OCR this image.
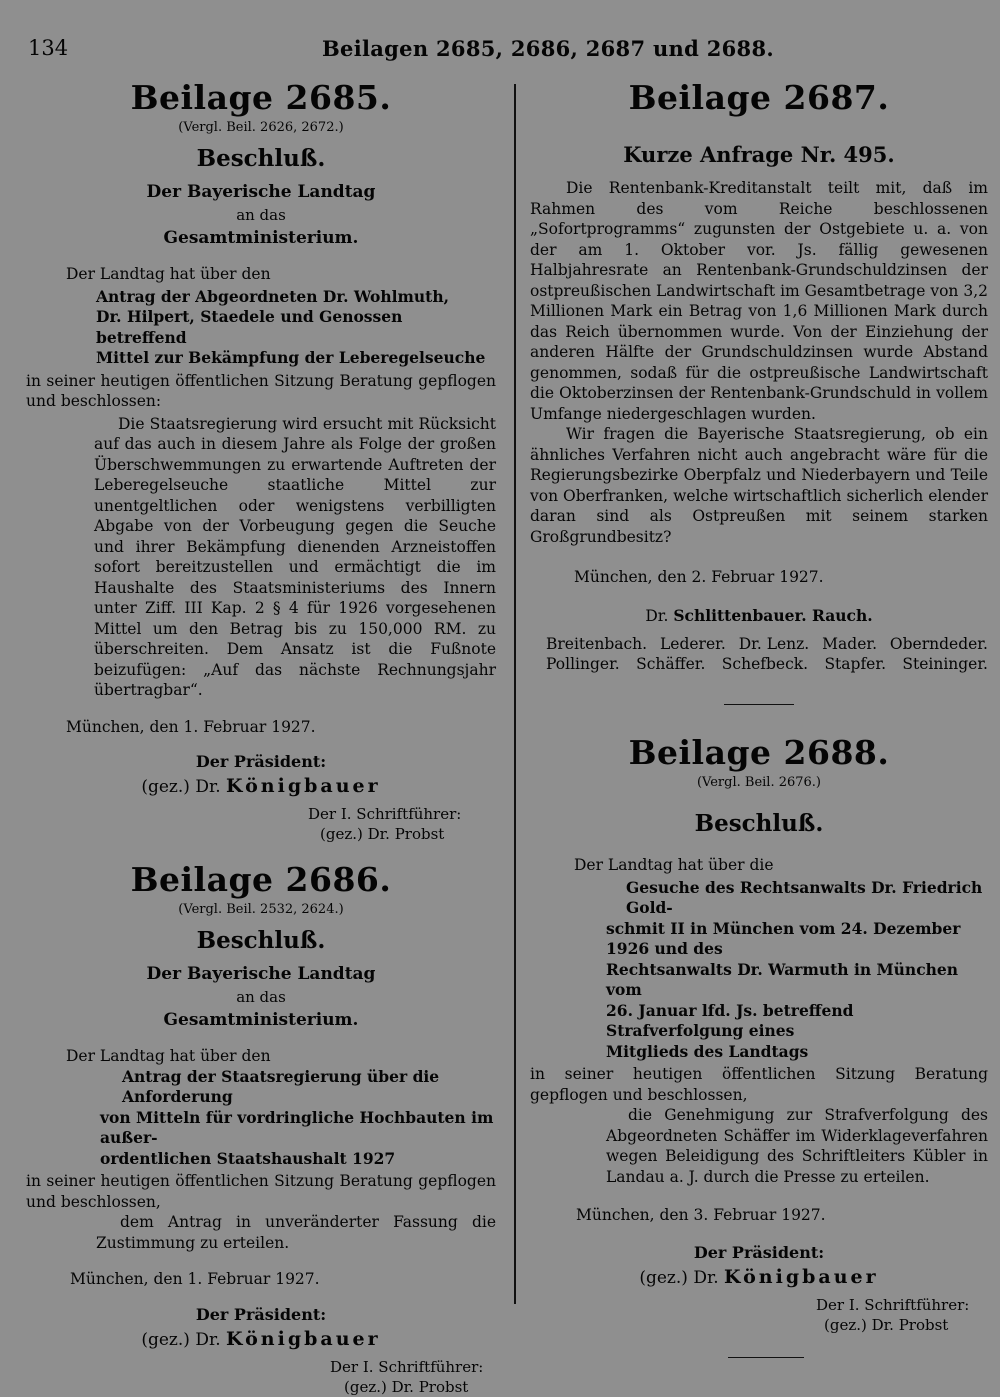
134	Beilagen 2685, 2686, 2687 und 2688.
Beilage 2685.

(Vergl. Beil. 2626, 2672.)

Beschluß.

Der Bayerische Landtag

an das

Gesamtministerium.

Der Landtag hat über den

Antrag der Abgeordneten Dr. Wohlmuth,

Dr. Hilpert, Staedele und Genossen betreffend

Mittel zur Bekämpfung der Leberegelseuche

in seiner heutigen öffentlichen Sitzung Beratung gepflogen und beschlossen:

Die Staatsregierung wird ersucht mit Rücksicht auf das auch in diesem Jahre als Folge der großen Überschwemmungen zu erwartende Auftreten der Leberegelseuche staatliche Mittel zur unentgeltlichen oder wenigstens verbilligten Abgabe von der Vorbeugung gegen die Seuche und ihrer Bekämpfung dienenden Arzneistoffen sofort bereitzustellen und ermächtigt die im Haushalte des Staatsministeriums des Innern unter Ziff. III Kap. 2 § 4 für 1926 vorgesehenen Mittel um den Betrag bis zu 150,000 RM. zu überschreiten. Dem Ansatz ist die Fußnote beizufügen: „Auf das nächste Rechnungsjahr übertragbar“.

München, den 1. Februar 1927.

Der Präsident:

(gez.) Dr. Königbauer

Der I. Schriftführer:

(gez.) Dr. Probst

Beilage 2686.

(Vergl. Beil. 2532, 2624.)

Beschluß.

Der Bayerische Landtag

an das

Gesamtministerium.

Der Landtag hat über den

Antrag der Staatsregierung über die Anforderung

von Mitteln für vordringliche Hochbauten im außer-

ordentlichen Staatshaushalt 1927

in seiner heutigen öffentlichen Sitzung Beratung gepflogen und beschlossen,

dem Antrag in unveränderter Fassung die Zustimmung zu erteilen.

München, den 1. Februar 1927.

Der Präsident:

(gez.) Dr. Königbauer

Der I. Schriftführer:

(gez.) Dr. Probst

Beilage 2687.

Kurze Anfrage Nr. 495.

Die Rentenbank-Kreditanstalt teilt mit, daß im Rahmen des vom Reiche beschlossenen „Sofortprogramms“ zugunsten der Ostgebiete u. a. von der am 1. Oktober vor. Js. fällig gewesenen Halbjahresrate an Rentenbank-Grundschuldzinsen der ostpreußischen Landwirtschaft im Gesamtbetrage von 3,2 Millionen Mark ein Betrag von 1,6 Millionen Mark durch das Reich übernommen wurde. Von der Einziehung der anderen Hälfte der Grundschuldzinsen wurde Abstand genommen, sodaß für die ostpreußische Landwirtschaft die Oktoberzinsen der Rentenbank-Grundschuld in vollem Umfange niedergeschlagen wurden.

Wir fragen die Bayerische Staatsregierung, ob ein ähnliches Verfahren nicht auch angebracht wäre für die Regierungsbezirke Oberpfalz und Niederbayern und Teile von Oberfranken, welche wirtschaftlich sicherlich elender daran sind als Ostpreußen mit seinem starken Großgrundbesitz?

München, den 2. Februar 1927.

Dr. Schlittenbauer. Rauch.

Breitenbach. Lederer. Dr. Lenz. Mader. Oberndeder.
Pollinger. Schäffer. Schefbeck. Stapfer. Steininger.
Beilage 2688.

(Vergl. Beil. 2676.)

Beschluß.

Der Landtag hat über die

Gesuche des Rechtsanwalts Dr. Friedrich Gold-

schmit II in München vom 24. Dezember 1926 und des

Rechtsanwalts Dr. Warmuth in München vom

26. Januar lfd. Js. betreffend Strafverfolgung eines

Mitglieds des Landtags

in seiner heutigen öffentlichen Sitzung Beratung gepflogen und beschlossen,

die Genehmigung zur Strafverfolgung des Abgeordneten Schäffer im Widerklageverfahren wegen Beleidigung des Schriftleiters Kübler in Landau a. J. durch die Presse zu erteilen.

München, den 3. Februar 1927.

Der Präsident:

(gez.) Dr. Königbauer

Der I. Schriftführer:

(gez.) Dr. Probst
